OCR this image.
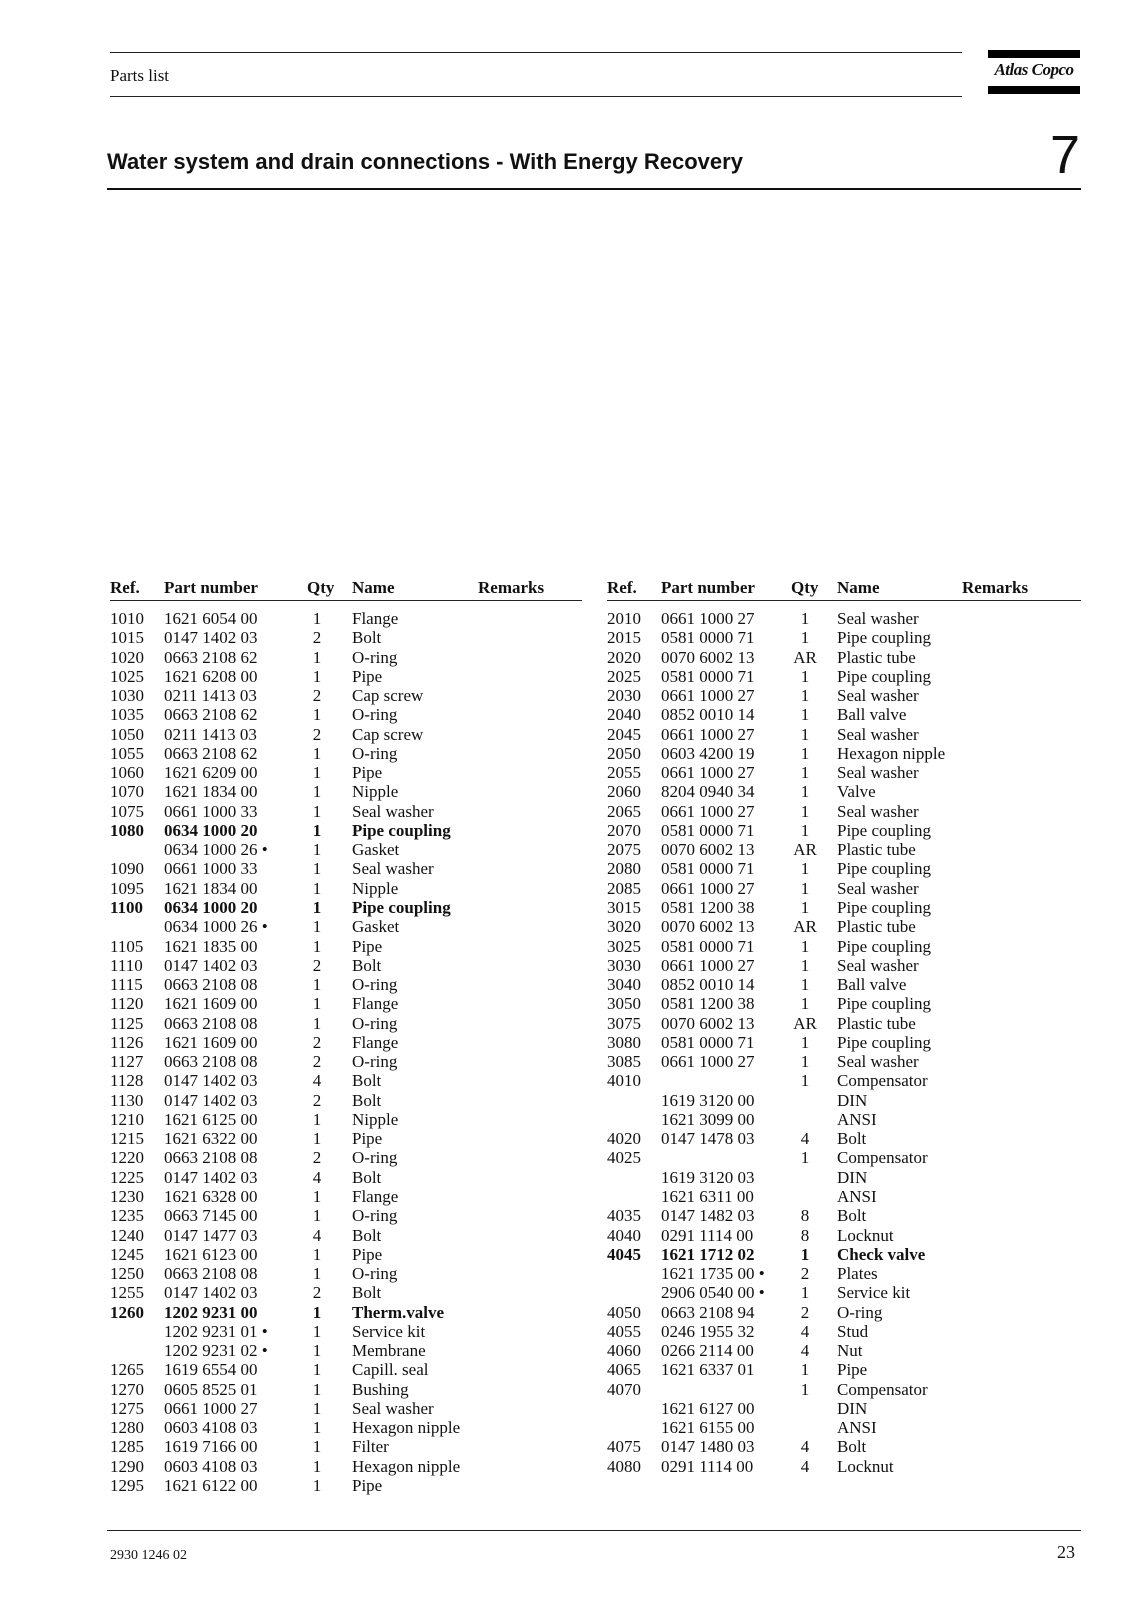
Parts list	Atlas Copco
Water system and drain connections - With Energy Recovery	7
Ref. Part number	Qty Name	Remarks
1010 1621 6054 00	1 Flange
1015 0147 1402 03	2 Bolt
1020 0663 2108 62	1 O-ring
1025 1621 6208 00	1 Pipe
1030 0211 1413 03	2 Cap screw
1035 0663 2108 62	1 O-ring
1050 0211 1413 03	2 Cap screw
1055 0663 2108 62	1 O-ring
1060 1621 6209 00	1 Pipe
1070 1621 1834 00	1 Nipple
1075 0661 1000 33	1 Seal washer
1080 0634 1000 20	1 Pipe coupling
0634 1000 26 •	1 Gasket
1090 0661 1000 33	1 Seal washer
1095 1621 1834 00	1 Nipple
1100 0634 1000 20	1 Pipe coupling
0634 1000 26 •	1 Gasket
1105 1621 1835 00	1 Pipe
1110 0147 1402 03	2 Bolt
1115 0663 2108 08	1 O-ring
1120 1621 1609 00	1 Flange
1125 0663 2108 08	1 O-ring
1126 1621 1609 00	2 Flange
1127 0663 2108 08	2 O-ring
1128 0147 1402 03	4 Bolt
1130 0147 1402 03	2 Bolt
1210 1621 6125 00	1 Nipple
1215 1621 6322 00	1 Pipe
1220 0663 2108 08	2 O-ring
1225 0147 1402 03	4 Bolt
1230 1621 6328 00	1 Flange
1235 0663 7145 00	1 O-ring
1240 0147 1477 03	4 Bolt
1245 1621 6123 00	1 Pipe
1250 0663 2108 08	1 O-ring
1255 0147 1402 03	2 Bolt
1260 1202 9231 00	1 Therm.valve
1202 9231 01 •	1 Service kit
1202 9231 02 •	1 Membrane
1265 1619 6554 00	1 Capill. seal
1270 0605 8525 01	1 Bushing
1275 0661 1000 27	1 Seal washer
1280 0603 4108 03	1 Hexagon nipple
1285 1619 7166 00	1 Filter
1290 0603 4108 03	1 Hexagon nipple
1295 1621 6122 00	1 Pipe
Ref. Part number Qty Name	Remarks
2010 0661 1000 27	1	Seal washer
2015 0581 0000 71	1	Pipe coupling
2020 0070 6002 13 AR Plastic tube
2025 0581 0000 71	1	Pipe coupling
2030 0661 1000 27	1	Seal washer
2040 0852 0010 14	1	Ball valve
2045 0661 1000 27	1	Seal washer
2050 0603 4200 19	1	Hexagon nipple
2055 0661 1000 27	1	Seal washer
2060 8204 0940 34	1	Valve
2065 0661 1000 27	1	Seal washer
2070 0581 0000 71	1	Pipe coupling
2075 0070 6002 13 AR Plastic tube
2080 0581 0000 71	1	Pipe coupling
2085 0661 1000 27	1	Seal washer
3015 0581 1200 38	1	Pipe coupling
3020 0070 6002 13 AR Plastic tube
3025 0581 0000 71	1	Pipe coupling
3030 0661 1000 27	1	Seal washer
3040 0852 0010 14	1	Ball valve
3050 0581 1200 38	1	Pipe coupling
3075 0070 6002 13 AR Plastic tube
3080 0581 0000 71	1	Pipe coupling
3085 0661 1000 27	1	Seal washer
4010	1	Compensator
1619 3120 00	DIN
1621 3099 00	ANSI
4020 0147 1478 03	4	Bolt
4025	1	Compensator
1619 3120 03	DIN
1621 6311 00	ANSI
4035 0147 1482 03	8	Bolt
4040 0291 1114 00	8	Locknut
4045 1621 1712 02	1	Check valve
1621 1735 00 •	2	Plates
2906 0540 00 •	1	Service kit
4050 0663 2108 94	2	O-ring
4055 0246 1955 32	4	Stud
4060 0266 2114 00	4	Nut
4065 1621 6337 01	1	Pipe
4070	1	Compensator
1621 6127 00	DIN
1621 6155 00	ANSI
4075 0147 1480 03	4	Bolt
4080 0291 1114 00	4	Locknut
2930 1246 02	23
